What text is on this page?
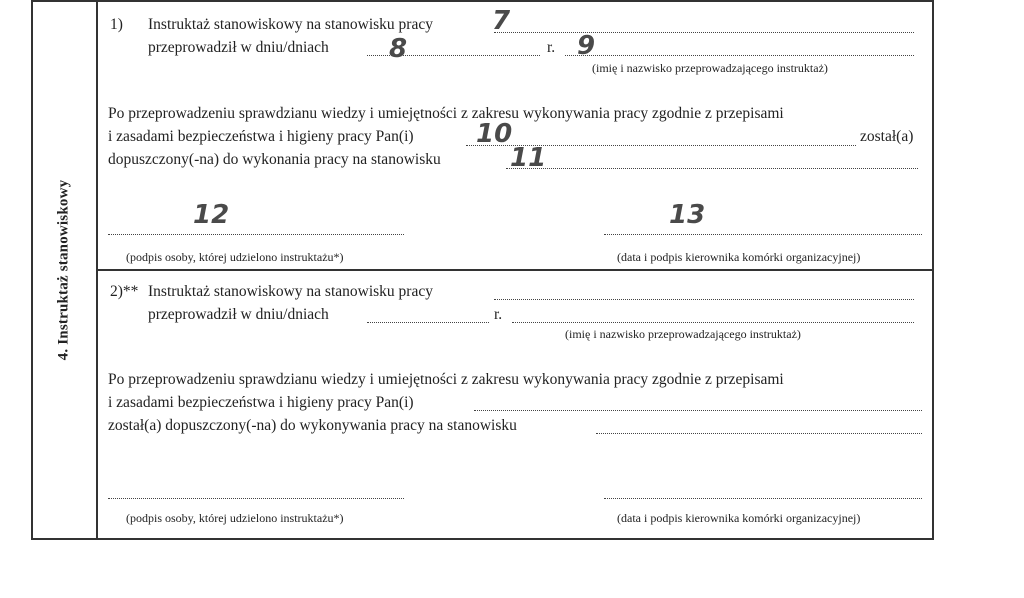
4. Instruktaż stanowiskowy
1) Instruktaż stanowiskowy na stanowisku pracy
przeprowadził w dniu/dniach	r.
(imię i nazwisko przeprowadzającego instruktaż)
Po przeprowadzeniu sprawdzianu wiedzy i umiejętności z zakresu wykonywania pracy zgodnie z przepisami
i zasadami bezpieczeństwa i higieny pracy Pan(i)	został(a)
dopuszczony(-na) do wykonania pracy na stanowisku
(podpis osoby, której udzielono instruktażu*)	(data i podpis kierownika komórki organizacyjnej)
7
8	9
10
11
12	13
2)** Instruktaż stanowiskowy na stanowisku pracy
przeprowadził w dniu/dniach	r.
(imię i nazwisko przeprowadzającego instruktaż)
Po przeprowadzeniu sprawdzianu wiedzy i umiejętności z zakresu wykonywania pracy zgodnie z przepisami
i zasadami bezpieczeństwa i higieny pracy Pan(i)
został(a) dopuszczony(-na) do wykonywania pracy na stanowisku
(podpis osoby, której udzielono instruktażu*)	(data i podpis kierownika komórki organizacyjnej)
